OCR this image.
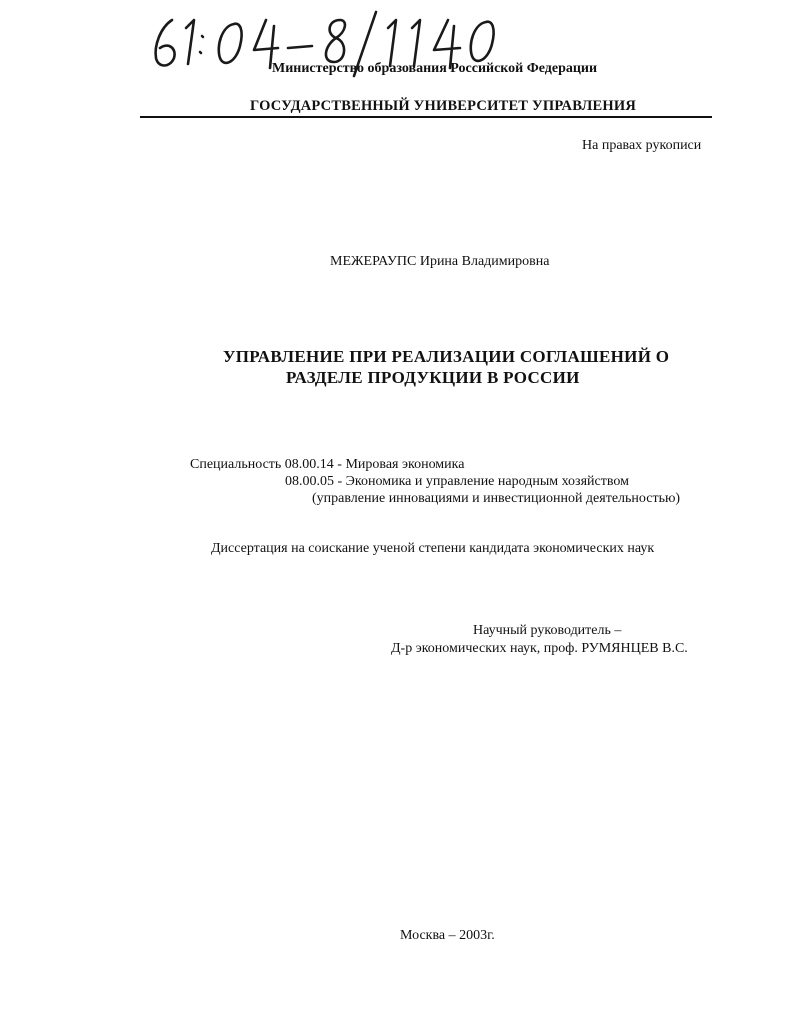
Министерство образования Российской Федерации
ГОСУДАРСТВЕННЫЙ УНИВЕРСИТЕТ УПРАВЛЕНИЯ
На правах рукописи
МЕЖЕРАУПС Ирина Владимировна
УПРАВЛЕНИЕ ПРИ РЕАЛИЗАЦИИ СОГЛАШЕНИЙ О
РАЗДЕЛЕ ПРОДУКЦИИ В РОССИИ
Специальность 08.00.14 - Мировая экономика
08.00.05 - Экономика и управление народным хозяйством
(управление инновациями и инвестиционной деятельностью)
Диссертация на соискание ученой степени кандидата экономических наук
Научный руководитель –
Д-р экономических наук, проф. РУМЯНЦЕВ В.С.
Москва – 2003г.
